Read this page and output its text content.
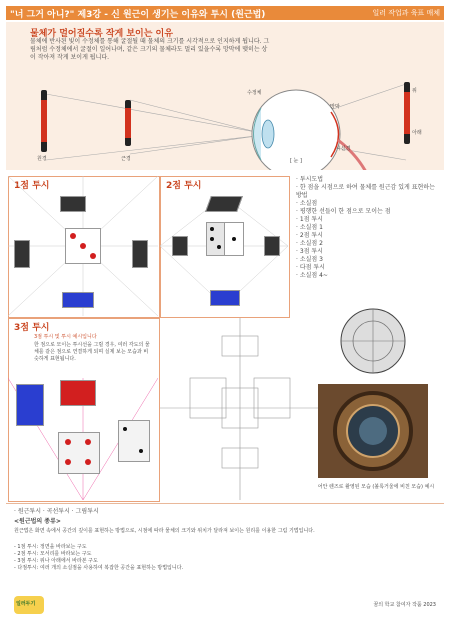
"너 그거 아니?" 제3강 - 신 원근이 생기는 이유와 투시 (원근법)	일러 작업과 육표 매체
물체가 멀어질수록 작게 보이는 이유
물체에 반사된 빛이 수정체를 통해 굴절될 때 물체의 크기를 시각적으로 인지하게 됩니다. 그림처럼 수정체에서 굴절이 일어나며, 같은 크기의 물체라도 멀리 있을수록 망막에 맺히는 상이 작아져 작게 보이게 됩니다.
원경	근경
수정체
망막
시신경
[ 눈 ]
위
아래
1점 투시	2점 투시
· 투시도법
· 한 점을 시점으로 하여 물체를 원근감 있게 표현하는 방법
· 소실점
· 평행한 선들이 한 점으로 모이는 점
· 1점 투시
· 소실점 1
· 2점 투시
· 소실점 2
· 3점 투시
· 소실점 3
· 다점 투시
· 소실점 4~
3점 투시
3점 투시 및 투시 예시입니다
한 점으로 모이는 투시선을 그릴 경우, 여러 각도의 물체를 같은 점으로 연결하게 되며 실제 보는 모습과 비슷하게 표현됩니다.
어안 렌즈로 촬영된 모습 (볼록거울에 비친 모습) 예시
· 원근투시 · 곡선투시 · 그림투시
<원근법의 종류>
원근법은 화면 속에서 공간의 깊이를 표현하는 방법으로, 시점에 따라 물체의 크기와 위치가 달라져 보이는 원리를 이용한 그림 기법입니다.
- 1점 투시: 정면을 바라보는 구도
- 2점 투시: 모서리를 바라보는 구도
- 3점 투시: 위나 아래에서 바라본 구도
- 다점투시: 여러 개의 소실점을 사용하여 복잡한 공간을 표현하는 방법입니다.
일러두기	꿈의 학교 참여자 작품 2023
